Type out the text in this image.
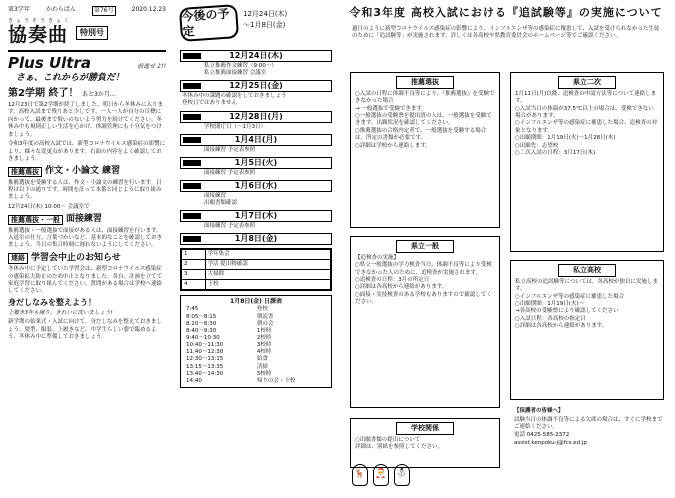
第3学年	かわらばん	第76号	2020.12.23
きょうそうきょく
協奏曲	特別号
Plus Ultra	前進せよ!!
さぁ、これからが勝負だ！
第2学期 終了！ あと3か月…

12月23日で第2学期が終了しました。明日から冬休みに入ります。高校入試まで残りあと少しです。一人一人が自分の目標に向かって、最後まで悔いのないよう努力を続けてください。冬休み中も規則正しい生活を心がけ、体調管理にも十分気をつけましょう。

令和3年度の高校入試では、新型コロナウイルス感染症の影響により、様々な変更点があります。右面の内容をよく確認しておきましょう。

推薦選抜 作文・小論文 練習

推薦選抜を受験する人は、作文・小論文の練習を行います。日程は以下の通りです。時間を計って本番と同じように取り組みましょう。

12月24日(木) 10:00～ 会議室で

推薦選抜・一般 面接練習

推薦選抜・一般選抜で面接がある人は、面接練習を行います。入退室の仕方、言葉づかいなど、基本的なことを確認しておきましょう。当日の集合時刻に遅れないようにしてください。

連絡 学習会中止のお知らせ

冬休み中に予定していた学習会は、新型コロナウイルス感染症の感染拡大防止のため中止となりました。各自、計画を立てて家庭学習に取り組んでください。質問がある場合は学校へ連絡してください。

身だしなみを整えよう！
上履き3年も縁り、きれいに洗いましょう!

新学期の始業式・入試に向けて、身だしなみを整えておきましょう。髪型、服装、上履きなど、中学生らしい姿で臨めるよう、冬休み中に準備しておきましょう。

今後の予定
12月24日(木)
～1月8日(金)
12月24日(木)
私立推薦作文練習（9:00～）
私立推薦面接練習 会議室
12月25日(金)
冬休み中の課題の確認をしておきましょう
登校日ではありません
12月28日(月)
学校閉庁日（～1月3日）
1月4日(月)
面接練習 予定表参照
1月5日(火)
面接練習 予定表参照
1月6日(水)
面接練習
出願書類確認
1月7日(木)
面接練習 予定表参照
1月8日(金)
1	学年集会
2	学活 提出物確認
3	大掃除
4	下校
1月8日(金) 日課表
7:45	登校
8:05～8:15	朝読書
8:20～8:30	朝の会
8:40～9:30	1校時
9:40～10:30	2校時
10:40～11:30	3校時
11:40～12:30	4校時
12:30～13:15	給食
13:15～13:35	清掃
13:40～14:30	5校時
14:40	帰りの会・下校
令和3年度 高校入試における『追試験等』の実施について

過日のように新型コロナウイルス感染症の影響により、インフルエンザ等の感染症に罹患して、入試を受けられなかった生徒のために「追試験等」が実施されます。詳しくは各高校や県教育委員会のホームページ等でご確認ください。

推薦選抜
○入試の日程に体調不良等により、『推薦選抜』を受験できなかった場合
→ 一般選抜で受験できます。
○一般選抜の受験票を提出済の人は、一般選抜を受験できます。出願状況を確認してください。
○推薦選抜の合格内定者で、一般選抜を受験する場合は、所定の書類が必要です。
○詳細は学校から連絡します。
県立一般
【追検査の実施】
○県立一般選抜の学力検査当日、体調不良等により受検できなかった人のために、追検査が実施されます。
○追検査の日程：3月の所定日
○詳細は各高校から連絡があります。
○面接・実技検査のある学校もありますので確認してください。
学校関係
○出願書類の提出について
詳細は、別紙を参照してください。
県立二次
1月11日(月)以降、追検査の申請方法等について連絡します。
○入試当日の体温が37.5℃以上の場合は、受検できない場合があります。
○インフルエンザ等の感染症に罹患した場合、追検査の対象となります。
○出願期間：1月19日(火)～1月28日(木)
○出願先：志望校
○二次入試の日程：3月17日(木)
私立高校
私立高校の追試験等については、各高校が独自に実施します。
○インフルエンザ等の感染症に罹患した場合
○出願期間：1月19日(火)～
→各高校の受験票により確認してください
○入試日程：各高校の指定日
○詳細は各高校から連絡があります。
【保護者の皆様へ】
試験当日の体調不良等による欠席の場合は、すぐに学校までご連絡ください。
電話 0425-585-2372
assist.kenpoku-j@fcs.ed.jp
🦌 🎅 ⛄
